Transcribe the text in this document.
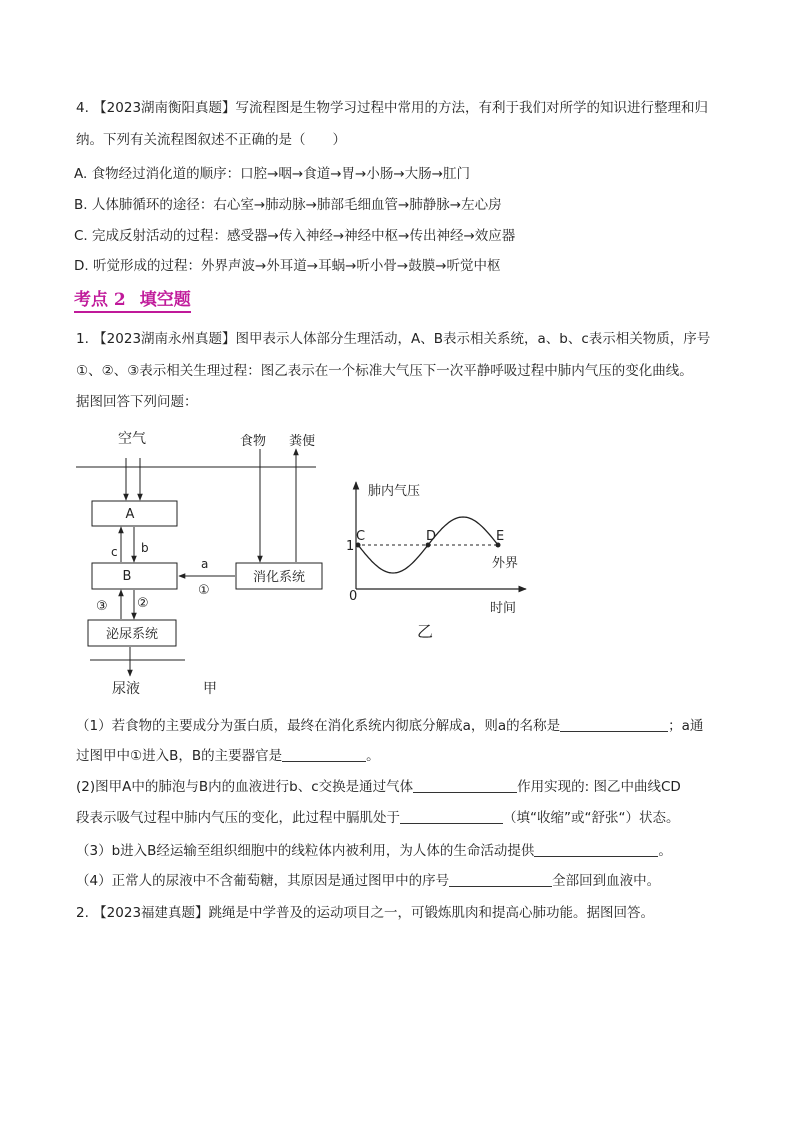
4. 【2023湖南衡阳真题】写流程图是生物学习过程中常用的方法，有利于我们对所学的知识进行整理和归
纳。下列有关流程图叙述不正确的是（　　）
A. 食物经过消化道的顺序：口腔→咽→食道→胃→小肠→大肠→肛门
B. 人体肺循环的途径：右心室→肺动脉→肺部毛细血管→肺静脉→左心房
C. 完成反射活动的过程：感受器→传入神经→神经中枢→传出神经→效应器
D. 听觉形成的过程：外界声波→外耳道→耳蜗→听小骨→鼓膜→听觉中枢
考点 2 填空题
1. 【2023湖南永州真题】图甲表示人体部分生理活动，A、B表示相关系统，a、b、c表示相关物质，序号
①、②、③表示相关生理过程：图乙表示在一个标准大气压下一次平静呼吸过程中肺内气压的变化曲线。
据图回答下列问题：
空气	食物 粪便
A
B	消化系统
泌尿系统
c b
a
①
③ ②
尿液	甲
C	D	E
肺内气压
1
0
外界
时间
乙
（1）若食物的主要成分为蛋白质，最终在消化系统内彻底分解成a，则a的名称是	；a通
过图甲中①进入B，B的主要器官是	。
(2)图甲A中的肺泡与B内的血液进行b、c交换是通过气体	作用实现的: 图乙中曲线CD
段表示吸气过程中肺内气压的变化，此过程中膈肌处于	（填“收缩”或“舒张“）状态。
（3）b进入B经运输至组织细胞中的线粒体内被利用，为人体的生命活动提供	。
（4）正常人的尿液中不含葡萄糖，其原因是通过图甲中的序号	全部回到血液中。
2. 【2023福建真题】跳绳是中学普及的运动项目之一，可锻炼肌肉和提高心肺功能。据图回答。
